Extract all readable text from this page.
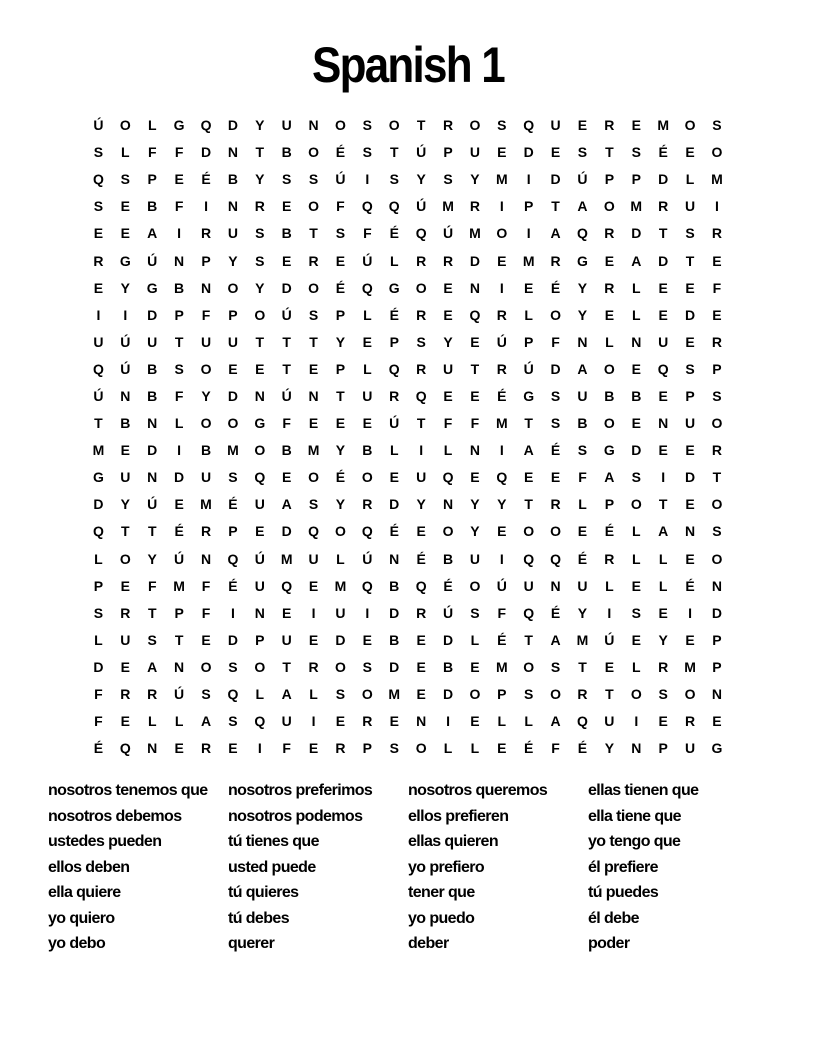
Spanish 1
Ú	O	L	G	Q	D	Y	U	N	O	S	O	T	R	O	S	Q	U	E	R	E	M	O	S
S	L	F	F	D	N	T	B	O	É	S	T	Ú	P	U	E	D	E	S	T	S	É	E	O
Q	S	P	E	É	B	Y	S	S	Ú	I	S	Y	S	Y	M	I	D	Ú	P	P	D	L	M
S	E	B	F	I	N	R	E	O	F	Q	Q	Ú	M	R	I	P	T	A	O	M	R	U	I
E	E	A	I	R	U	S	B	T	S	F	É	Q	Ú	M	O	I	A	Q	R	D	T	S	R
R	G	Ú	N	P	Y	S	E	R	E	Ú	L	R	R	D	E	M	R	G	E	A	D	T	E
E	Y	G	B	N	O	Y	D	O	É	Q	G	O	E	N	I	E	É	Y	R	L	E	E	F
I	I	D	P	F	P	O	Ú	S	P	L	É	R	E	Q	R	L	O	Y	E	L	E	D	E
U	Ú	U	T	U	U	T	T	T	Y	E	P	S	Y	E	Ú	P	F	N	L	N	U	E	R
Q	Ú	B	S	O	E	E	T	E	P	L	Q	R	U	T	R	Ú	D	A	O	E	Q	S	P
Ú	N	B	F	Y	D	N	Ú	N	T	U	R	Q	E	E	É	G	S	U	B	B	E	P	S
T	B	N	L	O	O	G	F	E	E	E	Ú	T	F	F	M	T	S	B	O	E	N	U	O
M	E	D	I	B	M	O	B	M	Y	B	L	I	L	N	I	A	É	S	G	D	E	E	R
G	U	N	D	U	S	Q	E	O	É	O	E	U	Q	E	Q	E	E	F	A	S	I	D	T
D	Y	Ú	E	M	É	U	A	S	Y	R	D	Y	N	Y	Y	T	R	L	P	O	T	E	O
Q	T	T	É	R	P	E	D	Q	O	Q	É	E	O	Y	E	O	O	E	É	L	A	N	S
L	O	Y	Ú	N	Q	Ú	M	U	L	Ú	N	É	B	U	I	Q	Q	É	R	L	L	E	O
P	E	F	M	F	É	U	Q	E	M	Q	B	Q	É	O	Ú	U	N	U	L	E	L	É	N
S	R	T	P	F	I	N	E	I	U	I	D	R	Ú	S	F	Q	É	Y	I	S	E	I	D
L	U	S	T	E	D	P	U	E	D	E	B	E	D	L	É	T	A	M	Ú	E	Y	E	P
D	E	A	N	O	S	O	T	R	O	S	D	E	B	E	M	O	S	T	E	L	R	M	P
F	R	R	Ú	S	Q	L	A	L	S	O	M	E	D	O	P	S	O	R	T	O	S	O	N
F	E	L	L	A	S	Q	U	I	E	R	E	N	I	E	L	L	A	Q	U	I	E	R	E
É	Q	N	E	R	E	I	F	E	R	P	S	O	L	L	E	É	F	É	Y	N	P	U	G
nosotros tenemos que
nosotros debemos
ustedes pueden
ellos deben
ella quiere
yo quiero
yo debo
nosotros preferimos
nosotros podemos
tú tienes que
usted puede
tú quieres
tú debes
querer
nosotros queremos
ellos prefieren
ellas quieren
yo prefiero
tener que
yo puedo
deber
ellas tienen que
ella tiene que
yo tengo que
él prefiere
tú puedes
él debe
poder
